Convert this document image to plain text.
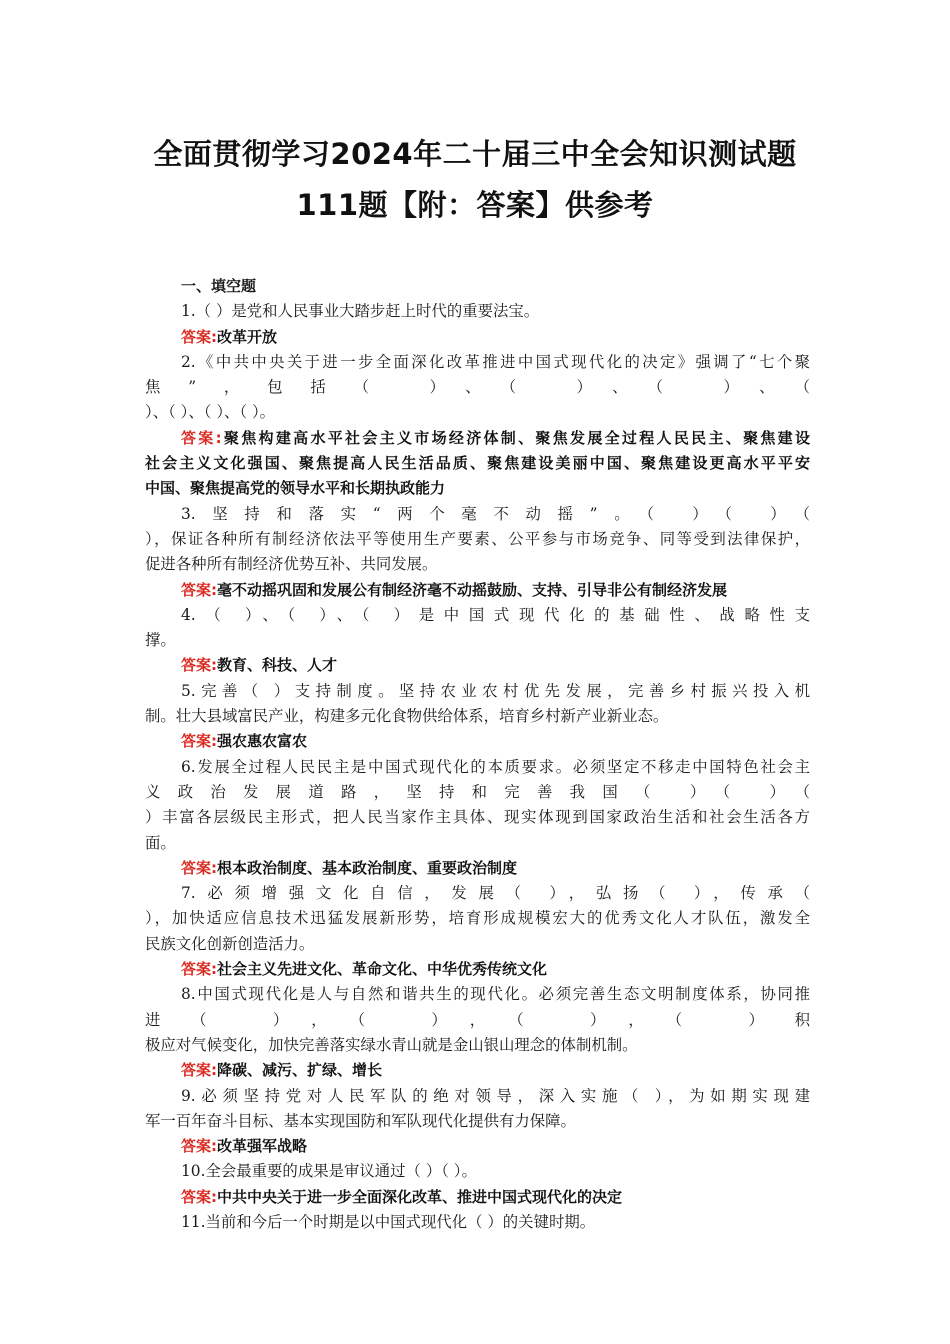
全面贯彻学习2024年二十届三中全会知识测试题
111题【附：答案】供参考
一、填空题
1.（ ）是党和人民事业大踏步赶上时代的重要法宝。
答案:改革开放
2.《中共中央关于进一步全面深化改革推进中国式现代化的决定》强调了“七个聚
焦”，包括（ ）、（ ）、（ ）、（
）、（ ）、（ ）、（ ）。
答案:聚焦构建高水平社会主义市场经济体制、聚焦发展全过程人民民主、聚焦建设
社会主义文化强国、聚焦提高人民生活品质、聚焦建设美丽中国、聚焦建设更高水平平安
中国、聚焦提高党的领导水平和长期执政能力
3.坚持和落实“两个毫不动摇”。（ ）（ ）（
），保证各种所有制经济依法平等使用生产要素、公平参与市场竞争、同等受到法律保护，
促进各种所有制经济优势互补、共同发展。
答案:毫不动摇巩固和发展公有制经济毫不动摇鼓励、支持、引导非公有制经济发展
4.（ ）、（ ）、（ ）是中国式现代化的基础性、战略性支
撑。
答案:教育、科技、人才
5.完善（ ）支持制度。坚持农业农村优先发展，完善乡村振兴投入机
制。壮大县域富民产业，构建多元化食物供给体系，培育乡村新产业新业态。
答案:强农惠农富农
6.发展全过程人民民主是中国式现代化的本质要求。必须坚定不移走中国特色社会主
义政治发展道路，坚持和完善我国（ ）（ ）（
）丰富各层级民主形式，把人民当家作主具体、现实体现到国家政治生活和社会生活各方
面。
答案:根本政治制度、基本政治制度、重要政治制度
7.必须增强文化自信，发展（ ），弘扬（ ），传承（
），加快适应信息技术迅猛发展新形势，培育形成规模宏大的优秀文化人才队伍，激发全
民族文化创新创造活力。
答案:社会主义先进文化、革命文化、中华优秀传统文化
8.中国式现代化是人与自然和谐共生的现代化。必须完善生态文明制度体系，协同推
进（ ），（ ），（ ），（ ）积
极应对气候变化，加快完善落实绿水青山就是金山银山理念的体制机制。
答案:降碳、减污、扩绿、增长
9.必须坚持党对人民军队的绝对领导，深入实施（ ），为如期实现建
军一百年奋斗目标、基本实现国防和军队现代化提供有力保障。
答案:改革强军战略
10.全会最重要的成果是审议通过（ ）（ ）。
答案:中共中央关于进一步全面深化改革、推进中国式现代化的决定
11.当前和今后一个时期是以中国式现代化（ ）的关键时期。
